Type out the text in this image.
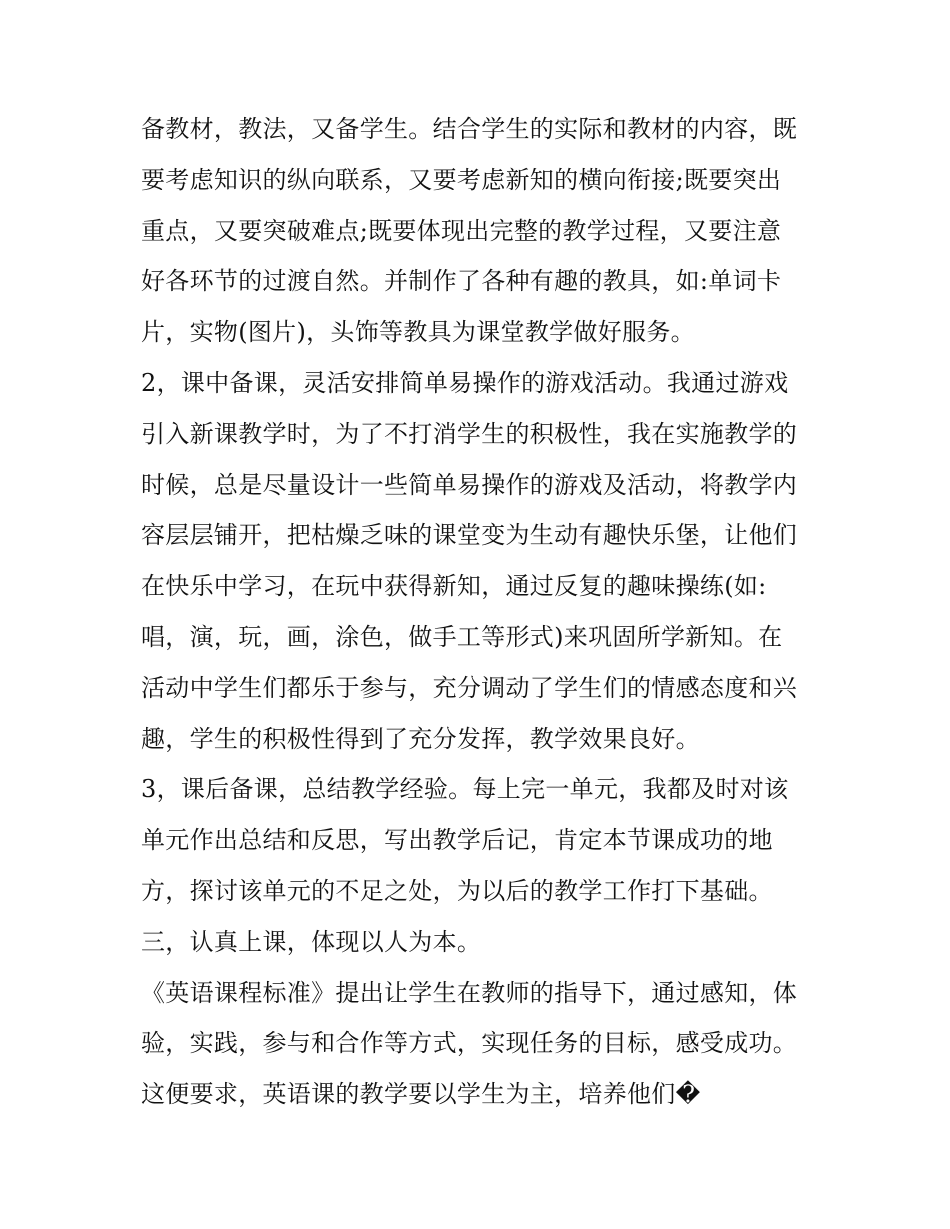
备教材，教法，又备学生。结合学生的实际和教材的内容，既
要考虑知识的纵向联系，又要考虑新知的横向衔接;既要突出
重点，又要突破难点;既要体现出完整的教学过程，又要注意
好各环节的过渡自然。并制作了各种有趣的教具，如:单词卡
片，实物(图片)，头饰等教具为课堂教学做好服务。
2，课中备课，灵活安排简单易操作的游戏活动。我通过游戏
引入新课教学时，为了不打消学生的积极性，我在实施教学的
时候，总是尽量设计一些简单易操作的游戏及活动，将教学内
容层层铺开，把枯燥乏味的课堂变为生动有趣快乐堡，让他们
在快乐中学习，在玩中获得新知，通过反复的趣味操练(如:
唱，演，玩，画，涂色，做手工等形式)来巩固所学新知。在
活动中学生们都乐于参与，充分调动了学生们的情感态度和兴
趣，学生的积极性得到了充分发挥，教学效果良好。
3，课后备课，总结教学经验。每上完一单元，我都及时对该
单元作出总结和反思，写出教学后记，肯定本节课成功的地
方，探讨该单元的不足之处，为以后的教学工作打下基础。
三，认真上课，体现以人为本。
《英语课程标准》提出让学生在教师的指导下，通过感知，体
验，实践，参与和合作等方式，实现任务的目标，感受成功。
这便要求，英语课的教学要以学生为主，培养他们�
